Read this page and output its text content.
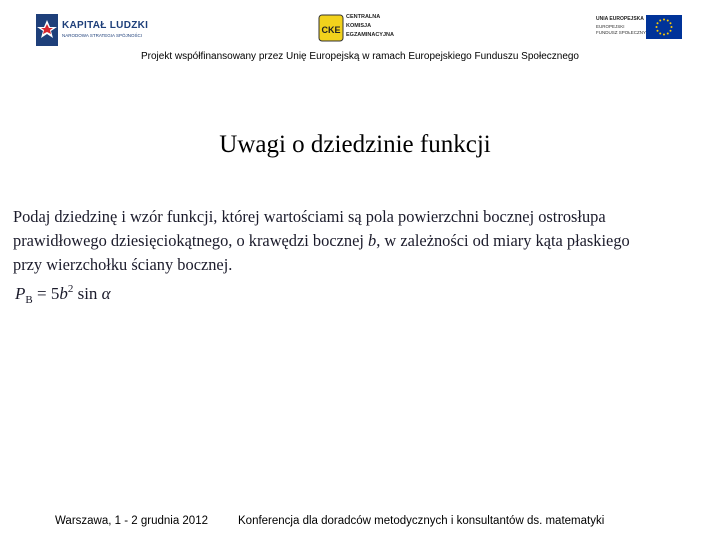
KAPITAŁ LUDZKI
NARODOWA STRATEGIA SPÓJNOŚCI
CKE
CENTRALNA
KOMISJA
EGZAMINACYJNA
UNIA EUROPEJSKA
EUROPEJSKI
FUNDUSZ SPOŁECZNY
Projekt współfinansowany przez Unię Europejską w ramach Europejskiego Funduszu Społecznego
Uwagi o dziedzinie funkcji
Podaj dziedzinę i wzór funkcji, której wartościami są pola powierzchni bocznej ostrosłupa
prawidłowego dziesięciokątnego, o krawędzi bocznej b, w zależności od miary kąta płaskiego
przy wierzchołku ściany bocznej.
$P_B = 5b^2$ sin α
Warszawa, 1 - 2 grudnia 2012	Konferencja dla doradców metodycznych i konsultantów ds. matematyki
